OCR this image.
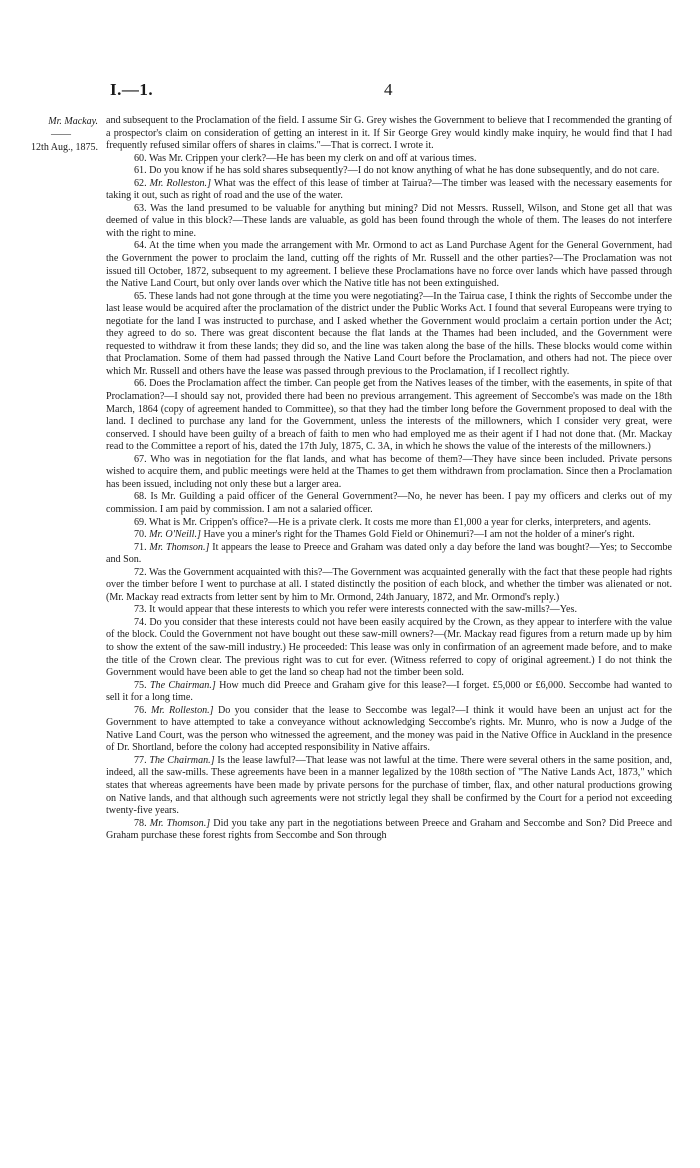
I.—1.	4
Mr. Mackay.
——
12th Aug., 1875.

and subsequent to the Proclamation of the field. I assume Sir G. Grey wishes the Government to believe that I recommended the granting of a prospector's claim on consideration of getting an interest in it. If Sir George Grey would kindly make inquiry, he would find that I had frequently refused similar offers of shares in claims."—That is correct. I wrote it.

60. Was Mr. Crippen your clerk?—He has been my clerk on and off at various times.

61. Do you know if he has sold shares subsequently?—I do not know anything of what he has done subsequently, and do not care.

62. Mr. Rolleston.] What was the effect of this lease of timber at Tairua?—The timber was leased with the necessary easements for taking it out, such as right of road and the use of the water.

63. Was the land presumed to be valuable for anything but mining? Did not Messrs. Russell, Wilson, and Stone get all that was deemed of value in this block?—These lands are valuable, as gold has been found through the whole of them. The leases do not interfere with the right to mine.

64. At the time when you made the arrangement with Mr. Ormond to act as Land Purchase Agent for the General Government, had the Government the power to proclaim the land, cutting off the rights of Mr. Russell and the other parties?—The Proclamation was not issued till October, 1872, subsequent to my agreement. I believe these Proclamations have no force over lands which have passed through the Native Land Court, but only over lands over which the Native title has not been extinguished.

65. These lands had not gone through at the time you were negotiating?—In the Tairua case, I think the rights of Seccombe under the last lease would be acquired after the proclamation of the district under the Public Works Act. I found that several Europeans were trying to negotiate for the land I was instructed to purchase, and I asked whether the Government would proclaim a certain portion under the Act; they agreed to do so. There was great discontent because the flat lands at the Thames had been included, and the Government were requested to withdraw it from these lands; they did so, and the line was taken along the base of the hills. These blocks would come within that Proclamation. Some of them had passed through the Native Land Court before the Proclamation, and others had not. The piece over which Mr. Russell and others have the lease was passed through previous to the Proclamation, if I recollect rightly.

66. Does the Proclamation affect the timber. Can people get from the Natives leases of the timber, with the easements, in spite of that Proclamation?—I should say not, provided there had been no previous arrangement. This agreement of Seccombe's was made on the 18th March, 1864 (copy of agreement handed to Committee), so that they had the timber long before the Government proposed to deal with the land. I declined to purchase any land for the Government, unless the interests of the millowners, which I consider very great, were conserved. I should have been guilty of a breach of faith to men who had employed me as their agent if I had not done that. (Mr. Mackay read to the Committee a report of his, dated the 17th July, 1875, C. 3A, in which he shows the value of the interests of the millowners.)

67. Who was in negotiation for the flat lands, and what has become of them?—They have since been included. Private persons wished to acquire them, and public meetings were held at the Thames to get them withdrawn from proclamation. Since then a Proclamation has been issued, including not only these but a larger area.

68. Is Mr. Guilding a paid officer of the General Government?—No, he never has been. I pay my officers and clerks out of my commission. I am paid by commission. I am not a salaried officer.

69. What is Mr. Crippen's office?—He is a private clerk. It costs me more than £1,000 a year for clerks, interpreters, and agents.

70. Mr. O'Neill.] Have you a miner's right for the Thames Gold Field or Ohinemuri?—I am not the holder of a miner's right.

71. Mr. Thomson.] It appears the lease to Preece and Graham was dated only a day before the land was bought?—Yes; to Seccombe and Son.

72. Was the Government acquainted with this?—The Government was acquainted generally with the fact that these people had rights over the timber before I went to purchase at all. I stated distinctly the position of each block, and whether the timber was alienated or not. (Mr. Mackay read extracts from letter sent by him to Mr. Ormond, 24th January, 1872, and Mr. Ormond's reply.)

73. It would appear that these interests to which you refer were interests connected with the saw-mills?—Yes.

74. Do you consider that these interests could not have been easily acquired by the Crown, as they appear to interfere with the value of the block. Could the Government not have bought out these saw-mill owners?—(Mr. Mackay read figures from a return made up by him to show the extent of the saw-mill industry.) He proceeded: This lease was only in confirmation of an agreement made before, and to make the title of the Crown clear. The previous right was to cut for ever. (Witness referred to copy of original agreement.) I do not think the Government would have been able to get the land so cheap had not the timber been sold.

75. The Chairman.] How much did Preece and Graham give for this lease?—I forget. £5,000 or £6,000. Seccombe had wanted to sell it for a long time.

76. Mr. Rolleston.] Do you consider that the lease to Seccombe was legal?—I think it would have been an unjust act for the Government to have attempted to take a conveyance without acknowledging Seccombe's rights. Mr. Munro, who is now a Judge of the Native Land Court, was the person who witnessed the agreement, and the money was paid in the Native Office in Auckland in the presence of Dr. Shortland, before the colony had accepted responsibility in Native affairs.

77. The Chairman.] Is the lease lawful?—That lease was not lawful at the time. There were several others in the same position, and, indeed, all the saw-mills. These agreements have been in a manner legalized by the 108th section of "The Native Lands Act, 1873," which states that whereas agreements have been made by private persons for the purchase of timber, flax, and other natural productions growing on Native lands, and that although such agreements were not strictly legal they shall be confirmed by the Court for a period not exceeding twenty-five years.

78. Mr. Thomson.] Did you take any part in the negotiations between Preece and Graham and Seccombe and Son? Did Preece and Graham purchase these forest rights from Seccombe and Son through
